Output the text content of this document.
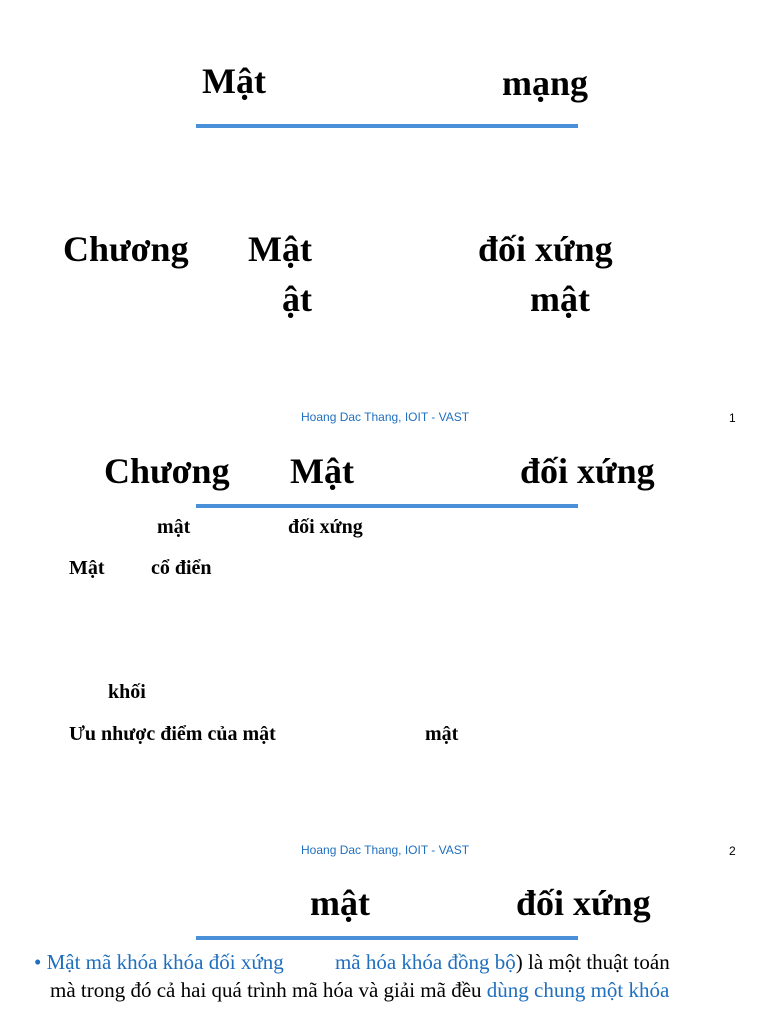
Mật	mạng
Chương Mật	đối xứng
ật	mật
Hoang Dac Thang, IOIT - VAST	1
Chương Mật	đối xứng
mật	đối xứng
Mật cổ điển
khối
Ưu nhược điểm của mật	mật
Hoang Dac Thang, IOIT - VAST	2
mật	đối xứng
• Mật mã khóa khóa đối xứng mã hóa khóa đồng bộ) là một thuật toán
mà trong đó cả hai quá trình mã hóa và giải mã đều dùng chung một khóa
